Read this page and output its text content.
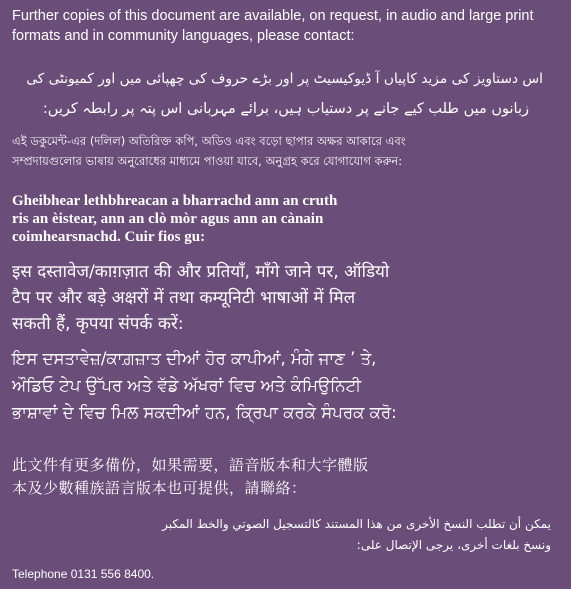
Further copies of this document are available, on request, in audio and large print
formats and in community languages, please contact:
اس دستاویز کی مزید کاپیاں آ ڈیوکیسیٹ پر اور بڑے حروف کی چھپائی میں اور کمیونٹی کی
زبانوں میں طلب کیے جانے پر دستیاب ہیں، برائے مہربانی اس پتہ پر رابطہ کریں:
এই ডকুমেন্ট-এর (দলিল) অতিরিক্ত কপি, অডিও এবং বড়ো ছাপার অক্ষর আকারে এবং
সম্প্রদায়গুলোর ভাষায় অনুরোধের মাধ্যমে পাওয়া যাবে, অনুগ্রহ করে যোগাযোগ করুন:
Gheibhear lethbhreacan a bharrachd ann an cruth
ris an èistear, ann an clò mòr agus ann an cànain
coimhearsnachd. Cuir fios gu:
इस दस्तावेज/काग़ज़ात की और प्रतियाँ, माँगे जाने पर, ऑडियो
टैप पर और बड़े अक्षरों में तथा कम्यूनिटी भाषाओं में मिल
सकती हैं, कृपया संपर्क करें:
ਇਸ ਦਸਤਾਵੇਜ਼/ਕਾਗ਼ਜ਼ਾਤ ਦੀਆਂ ਹੋਰ ਕਾਪੀਆਂ, ਮੰਗੇ ਜਾਣ ’ ਤੇ,
ਔਡਿਓ ਟੇਪ ਉੱਪਰ ਅਤੇ ਵੱਡੇ ਅੱਖਰਾਂ ਵਿਚ ਅਤੇ ਕੰਮਿਉਨਿਟੀ
ਭਾਸ਼ਾਵਾਂ ਦੇ ਵਿਚ ਮਿਲ ਸਕਦੀਆਂ ਹਨ, ਕ੍ਰਿਪਾ ਕਰਕੇ ਸੰਪਰਕ ਕਰੋ:
此文件有更多備份，如果需要，語音版本和大字體版
本及少數種族語言版本也可提供，請聯絡：
يمكن أن تطلب النسخ الأخرى من هذا المستند كالتسجيل الصوتي والخط المكبر
ونسخ بلغات أخرى، يرجى الإتصال على:
Telephone 0131 556 8400.
